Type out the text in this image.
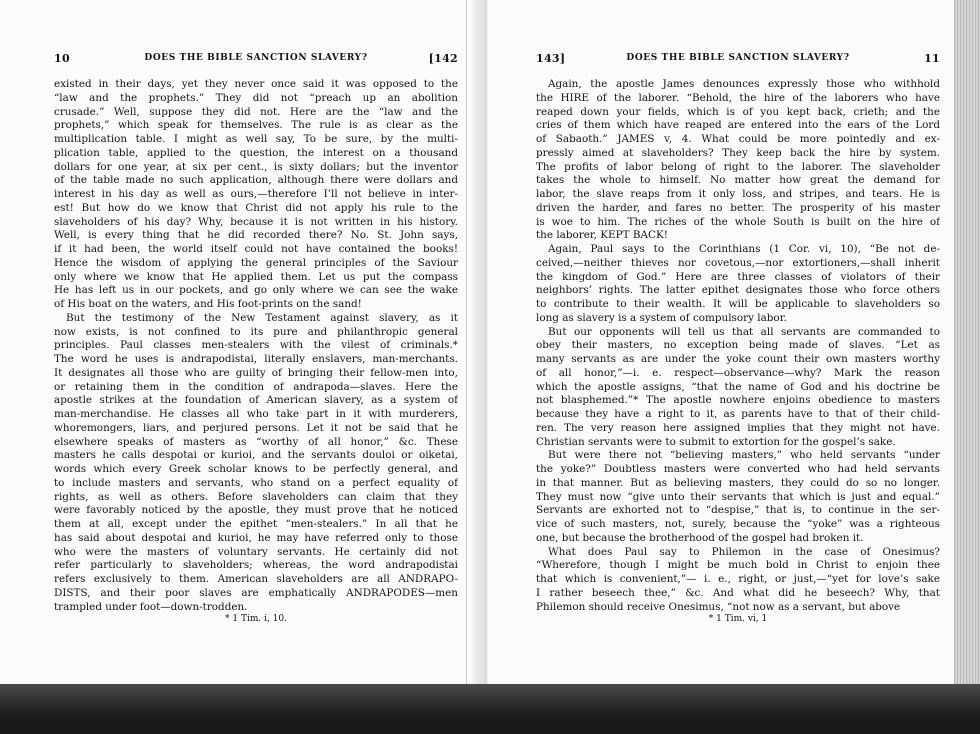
10	DOES THE BIBLE SANCTION SLAVERY?	[142
existed in their days, yet they never once said it was opposed to the
“law and the prophets.” They did not “preach up an abolition
crusade.” Well, suppose they did not. Here are the “law and the
prophets,” which speak for themselves. The rule is as clear as the
multiplication table. I might as well say, To be sure, by the multi-
plication table, applied to the question, the interest on a thousand
dollars for one year, at six per cent., is sixty dollars; but the inventor
of the table made no such application, although there were dollars and
interest in his day as well as ours,—therefore I’ll not believe in inter-
est! But how do we know that Christ did not apply his rule to the
slaveholders of his day? Why, because it is not written in his history.
Well, is every thing that he did recorded there? No. St. John says,
if it had been, the world itself could not have contained the books!
Hence the wisdom of applying the general principles of the Saviour
only where we know that He applied them. Let us put the compass
He has left us in our pockets, and go only where we can see the wake
of His boat on the waters, and His foot-prints on the sand!
But the testimony of the New Testament against slavery, as it
now exists, is not confined to its pure and philanthropic general
principles. Paul classes men-stealers with the vilest of criminals.*
The word he uses is andrapodistai, literally enslavers, man-merchants.
It designates all those who are guilty of bringing their fellow-men into,
or retaining them in the condition of andrapoda—slaves. Here the
apostle strikes at the foundation of American slavery, as a system of
man-merchandise. He classes all who take part in it with murderers,
whoremongers, liars, and perjured persons. Let it not be said that he
elsewhere speaks of masters as “worthy of all honor,” &c. These
masters he calls despotai or kurioi, and the servants douloi or oiketai,
words which every Greek scholar knows to be perfectly general, and
to include masters and servants, who stand on a perfect equality of
rights, as well as others. Before slaveholders can claim that they
were favorably noticed by the apostle, they must prove that he noticed
them at all, except under the epithet “men-stealers.” In all that he
has said about despotai and kurioi, he may have referred only to those
who were the masters of voluntary servants. He certainly did not
refer particularly to slaveholders; whereas, the word andrapodistai
refers exclusively to them. American slaveholders are all ANDRAPO-
DISTS, and their poor slaves are emphatically ANDRAPODES—men
trampled under foot—down-trodden.
* 1 Tim. i, 10.
143]	DOES THE BIBLE SANCTION SLAVERY?	11
Again, the apostle James denounces expressly those who withhold
the HIRE of the laborer. “Behold, the hire of the laborers who have
reaped down your fields, which is of you kept back, crieth; and the
cries of them which have reaped are entered into the ears of the Lord
of Sabaoth.” JAMES v, 4. What could be more pointedly and ex-
pressly aimed at slaveholders? They keep back the hire by system.
The profits of labor belong of right to the laborer. The slaveholder
takes the whole to himself. No matter how great the demand for
labor, the slave reaps from it only loss, and stripes, and tears. He is
driven the harder, and fares no better. The prosperity of his master
is woe to him. The riches of the whole South is built on the hire of
the laborer, KEPT BACK!
Again, Paul says to the Corinthians (1 Cor. vi, 10), “Be not de-
ceived,—neither thieves nor covetous,—nor extortioners,—shall inherit
the kingdom of God.” Here are three classes of violators of their
neighbors’ rights. The latter epithet designates those who force others
to contribute to their wealth. It will be applicable to slaveholders so
long as slavery is a system of compulsory labor.
But our opponents will tell us that all servants are commanded to
obey their masters, no exception being made of slaves. “Let as
many servants as are under the yoke count their own masters worthy
of all honor,”—i. e. respect—observance—why? Mark the reason
which the apostle assigns, “that the name of God and his doctrine be
not blasphemed.”* The apostle nowhere enjoins obedience to masters
because they have a right to it, as parents have to that of their child-
ren. The very reason here assigned implies that they might not have.
Christian servants were to submit to extortion for the gospel’s sake.
But were there not “believing masters,” who held servants “under
the yoke?” Doubtless masters were converted who had held servants
in that manner. But as believing masters, they could do so no longer.
They must now “give unto their servants that which is just and equal.”
Servants are exhorted not to “despise,” that is, to continue in the ser-
vice of such masters, not, surely, because the “yoke” was a righteous
one, but because the brotherhood of the gospel had broken it.
What does Paul say to Philemon in the case of Onesimus?
“Wherefore, though I might be much bold in Christ to enjoin thee
that which is convenient,”— i. e., right, or just,—“yet for love’s sake
I rather beseech thee,” &c. And what did he beseech? Why, that
Philemon should receive Onesimus, “not now as a servant, but above
* 1 Tim. vi, 1
